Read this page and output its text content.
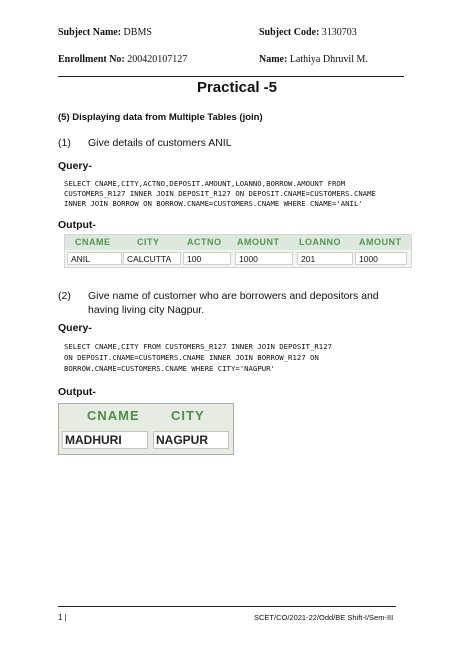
Subject Name: DBMS	Subject Code: 3130703
Enrollment No: 200420107127	Name: Lathiya Dhruvil M.
Practical -5
(5) Displaying data from Multiple Tables (join)
(1) Give details of customers ANIL
Query-
SELECT CNAME,CITY,ACTNO,DEPOSIT.AMOUNT,LOANNO,BORROW.AMOUNT FROM
CUSTOMERS_R127 INNER JOIN DEPOSIT_R127 ON DEPOSIT.CNAME=CUSTOMERS.CNAME
INNER JOIN BORROW ON BORROW.CNAME=CUSTOMERS.CNAME WHERE CNAME='ANIL'
Output-
CNAME	CITY	ACTNO AMOUNT LOANNO AMOUNT
ANIL	CALCUTTA	100	1000	201	1000
(2) Give name of customer who are borrowers and depositors and
having living city Nagpur.
Query-
SELECT CNAME,CITY FROM CUSTOMERS_R127 INNER JOIN DEPOSIT_R127
ON DEPOSIT.CNAME=CUSTOMERS.CNAME INNER JOIN BORROW_R127 ON
BORROW.CNAME=CUSTOMERS.CNAME WHERE CITY='NAGPUR'
Output-
CNAME CITY
MADHURI	NAGPUR
1 |	SCET/CO/2021-22/Odd/BE Shift-I/Sem-III
